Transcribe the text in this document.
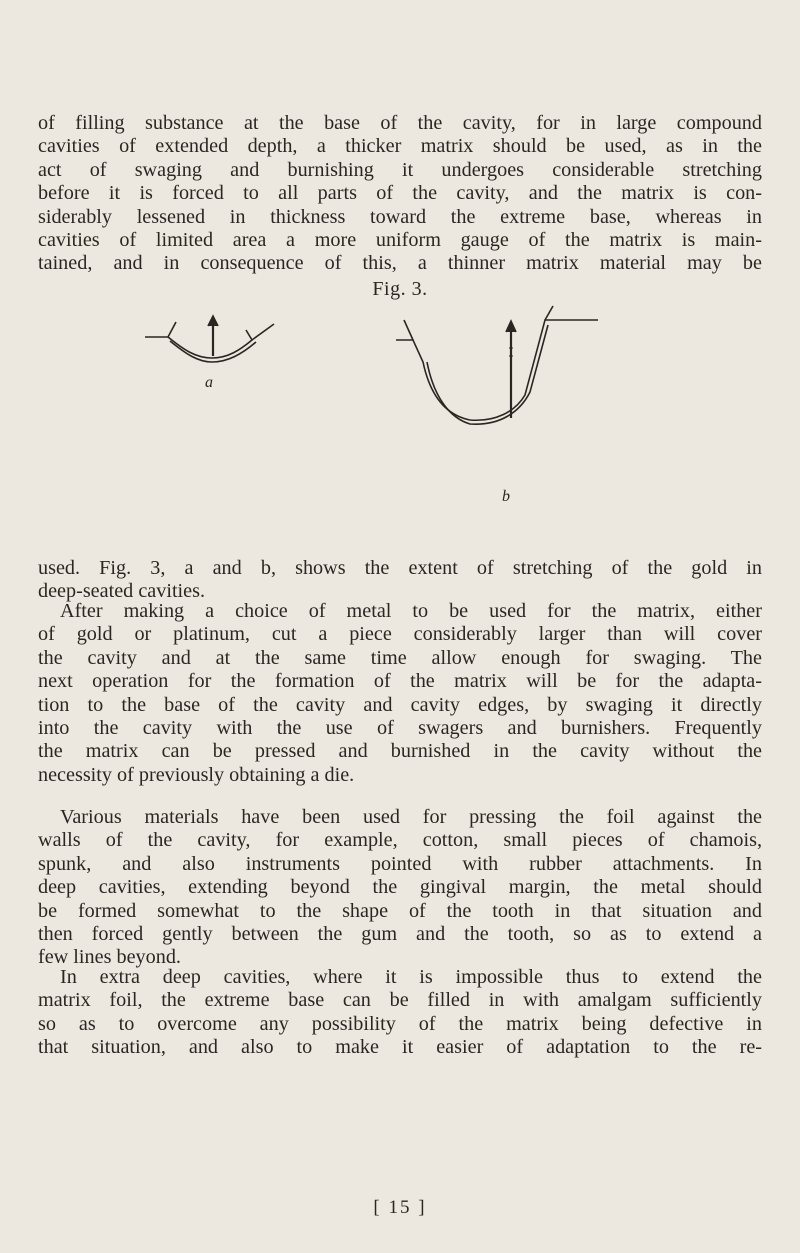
of filling substance at the base of the cavity, for in large compound
cavities of extended depth, a thicker matrix should be used, as in the
act of swaging and burnishing it undergoes considerable stretching
before it is forced to all parts of the cavity, and the matrix is con-
siderably lessened in thickness toward the extreme base, whereas in
cavities of limited area a more uniform gauge of the matrix is main-
tained, and in consequence of this, a thinner matrix material may be

Fig. 3.
a
b

used. Fig. 3, a and b, shows the extent of stretching of the gold in
deep-seated cavities.

After making a choice of metal to be used for the matrix, either
of gold or platinum, cut a piece considerably larger than will cover
the cavity and at the same time allow enough for swaging. The
next operation for the formation of the matrix will be for the adapta-
tion to the base of the cavity and cavity edges, by swaging it directly
into the cavity with the use of swagers and burnishers. Frequently
the matrix can be pressed and burnished in the cavity without the
necessity of previously obtaining a die.

Various materials have been used for pressing the foil against the
walls of the cavity, for example, cotton, small pieces of chamois,
spunk, and also instruments pointed with rubber attachments. In
deep cavities, extending beyond the gingival margin, the metal should
be formed somewhat to the shape of the tooth in that situation and
then forced gently between the gum and the tooth, so as to extend a
few lines beyond.

In extra deep cavities, where it is impossible thus to extend the
matrix foil, the extreme base can be filled in with amalgam sufficiently
so as to overcome any possibility of the matrix being defective in
that situation, and also to make it easier of adaptation to the re-

[ 15 ]
